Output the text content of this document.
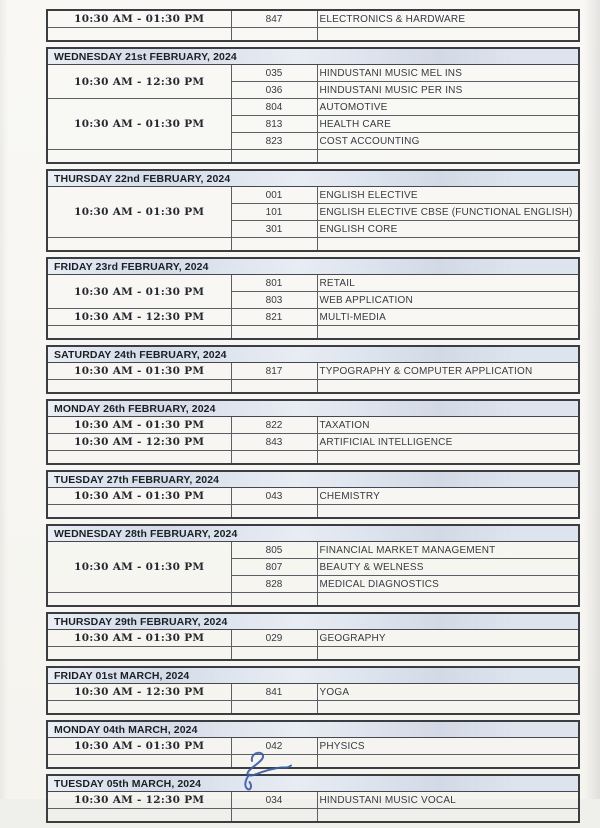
10:30 AM - 01:30 PM	847	ELECTRONICS & HARDWARE

WEDNESDAY 21st FEBRUARY, 2024		
10:30 AM - 12:30 PM	035	HINDUSTANI MUSIC MEL INS
	036	HINDUSTANI MUSIC PER INS
10:30 AM - 01:30 PM	804	AUTOMOTIVE
	813	HEALTH CARE
	823	COST ACCOUNTING

THURSDAY 22nd FEBRUARY, 2024		
10:30 AM - 01:30 PM	001	ENGLISH ELECTIVE
	101	ENGLISH ELECTIVE CBSE (FUNCTIONAL ENGLISH)
	301	ENGLISH CORE

FRIDAY 23rd FEBRUARY, 2024		
10:30 AM - 01:30 PM	801	RETAIL
	803	WEB APPLICATION
10:30 AM - 12:30 PM	821	MULTI-MEDIA

SATURDAY 24th FEBRUARY, 2024		
10:30 AM - 01:30 PM	817	TYPOGRAPHY & COMPUTER APPLICATION

MONDAY 26th FEBRUARY, 2024		
10:30 AM - 01:30 PM	822	TAXATION
10:30 AM - 12:30 PM	843	ARTIFICIAL INTELLIGENCE

TUESDAY 27th FEBRUARY, 2024		
10:30 AM - 01:30 PM	043	CHEMISTRY

WEDNESDAY 28th FEBRUARY, 2024		
10:30 AM - 01:30 PM	805	FINANCIAL MARKET MANAGEMENT
	807	BEAUTY & WELNESS
	828	MEDICAL DIAGNOSTICS

THURSDAY 29th FEBRUARY, 2024		
10:30 AM - 01:30 PM	029	GEOGRAPHY

FRIDAY 01st MARCH, 2024		
10:30 AM - 12:30 PM	841	YOGA

MONDAY 04th MARCH, 2024		
10:30 AM - 01:30 PM	042	PHYSICS

TUESDAY 05th MARCH, 2024		
10:30 AM - 12:30 PM	034	HINDUSTANI MUSIC VOCAL
